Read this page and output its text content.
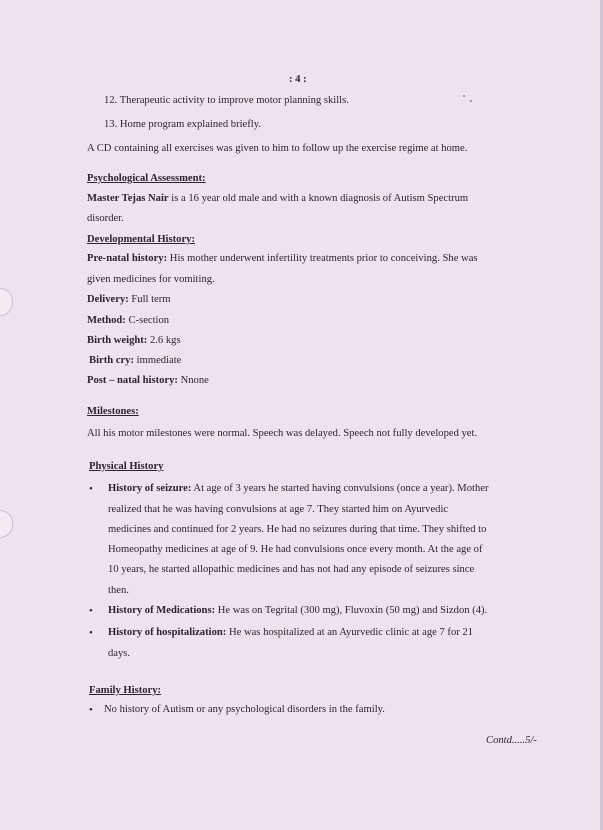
: 4 :
12. Therapeutic activity to improve motor planning skills.
13. Home program explained briefly.
A CD containing all exercises was given to him to follow up the exercise regime at home.
Psychological Assessment:
Master Tejas Nair is a 16 year old male and with a known diagnosis of Autism Spectrum
disorder.
Developmental History:
Pre-natal history: His mother underwent infertility treatments prior to conceiving. She was
given medicines for vomiting.
Delivery: Full term
Method: C-section
Birth weight: 2.6 kgs
Birth cry: immediate
Post – natal history: Nnone
Milestones:
All his motor milestones were normal. Speech was delayed. Speech not fully developed yet.
Physical History
• History of seizure: At age of 3 years he started having convulsions (once a year). Mother
realized that he was having convulsions at age 7. They started him on Ayurvedic
medicines and continued for 2 years. He had no seizures during that time. They shifted to
Homeopathy medicines at age of 9. He had convulsions once every month. At the age of
10 years, he started allopathic medicines and has not had any episode of seizures since
then.
• History of Medications: He was on Tegrital (300 mg), Fluvoxin (50 mg) and Sizdon (4).
• History of hospitalization: He was hospitalized at an Ayurvedic clinic at age 7 for 21
days.
Family History:
• No history of Autism or any psychological disorders in the family.
Contd.....5/-
